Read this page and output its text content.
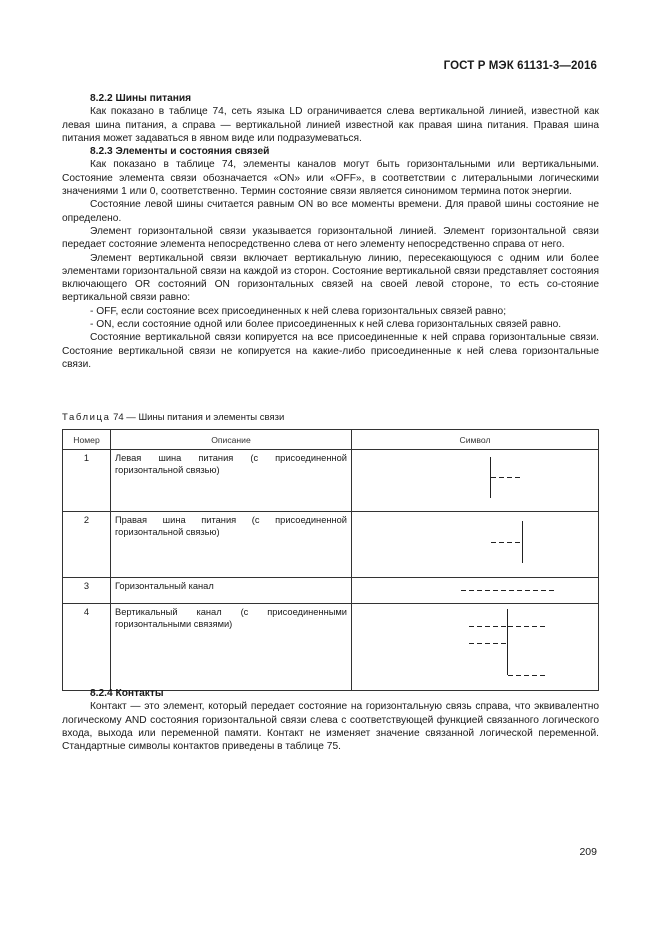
ГОСТ Р МЭК 61131-3—2016

8.2.2 Шины питания

Как показано в таблице 74, сеть языка LD ограничивается слева вертикальной линией, известной как левая шина питания, а справа — вертикальной линией известной как правая шина питания. Правая шина питания может задаваться в явном виде или подразумеваться.

8.2.3 Элементы и состояния связей

Как показано в таблице 74, элементы каналов могут быть горизонтальными или вертикальными. Состояние элемента связи обозначается «ON» или «OFF», в соответствии с литеральными логическими значениями 1 или 0, соответственно. Термин состояние связи является синонимом термина поток энергии.

Состояние левой шины считается равным ON во все моменты времени. Для правой шины состояние не определено.

Элемент горизонтальной связи указывается горизонтальной линией. Элемент горизонтальной связи передает состояние элемента непосредственно слева от него элементу непосредственно справа от него.

Элемент вертикальной связи включает вертикальную линию, пересекающуюся с одним или более элементами горизонтальной связи на каждой из сторон. Состояние вертикальной связи представляет состояния включающего OR состояний ON горизонтальных связей на своей левой стороне, то есть со-стояние вертикальной связи равно:

- OFF, если состояние всех присоединенных к ней слева горизонтальных связей равно;

- ON, если состояние одной или более присоединенных к ней слева горизонтальных связей равно.

Состояние вертикальной связи копируется на все присоединенные к ней справа горизонтальные связи. Состояние вертикальной связи не копируется на какие-либо присоединенные к ней слева горизонтальные связи.

Таблица 74 — Шины питания и элементы связи
Номер	Описание	Символ
1	Левая шина питания (с присоединенной горизонтальной связью)	

2	Правая шина питания (с присоединенной горизонтальной связью)	

3	Горизонтальный канал	

4	Вертикальный канал (с присоединенными горизонтальными связями)	

8.2.4 Контакты

Контакт — это элемент, который передает состояние на горизонтальную связь справа, что эквивалентно логическому AND состояния горизонтальной связи слева с соответствующей функцией связанного логического входа, выхода или переменной памяти. Контакт не изменяет значение связанной логической переменной. Стандартные символы контактов приведены в таблице 75.

209
